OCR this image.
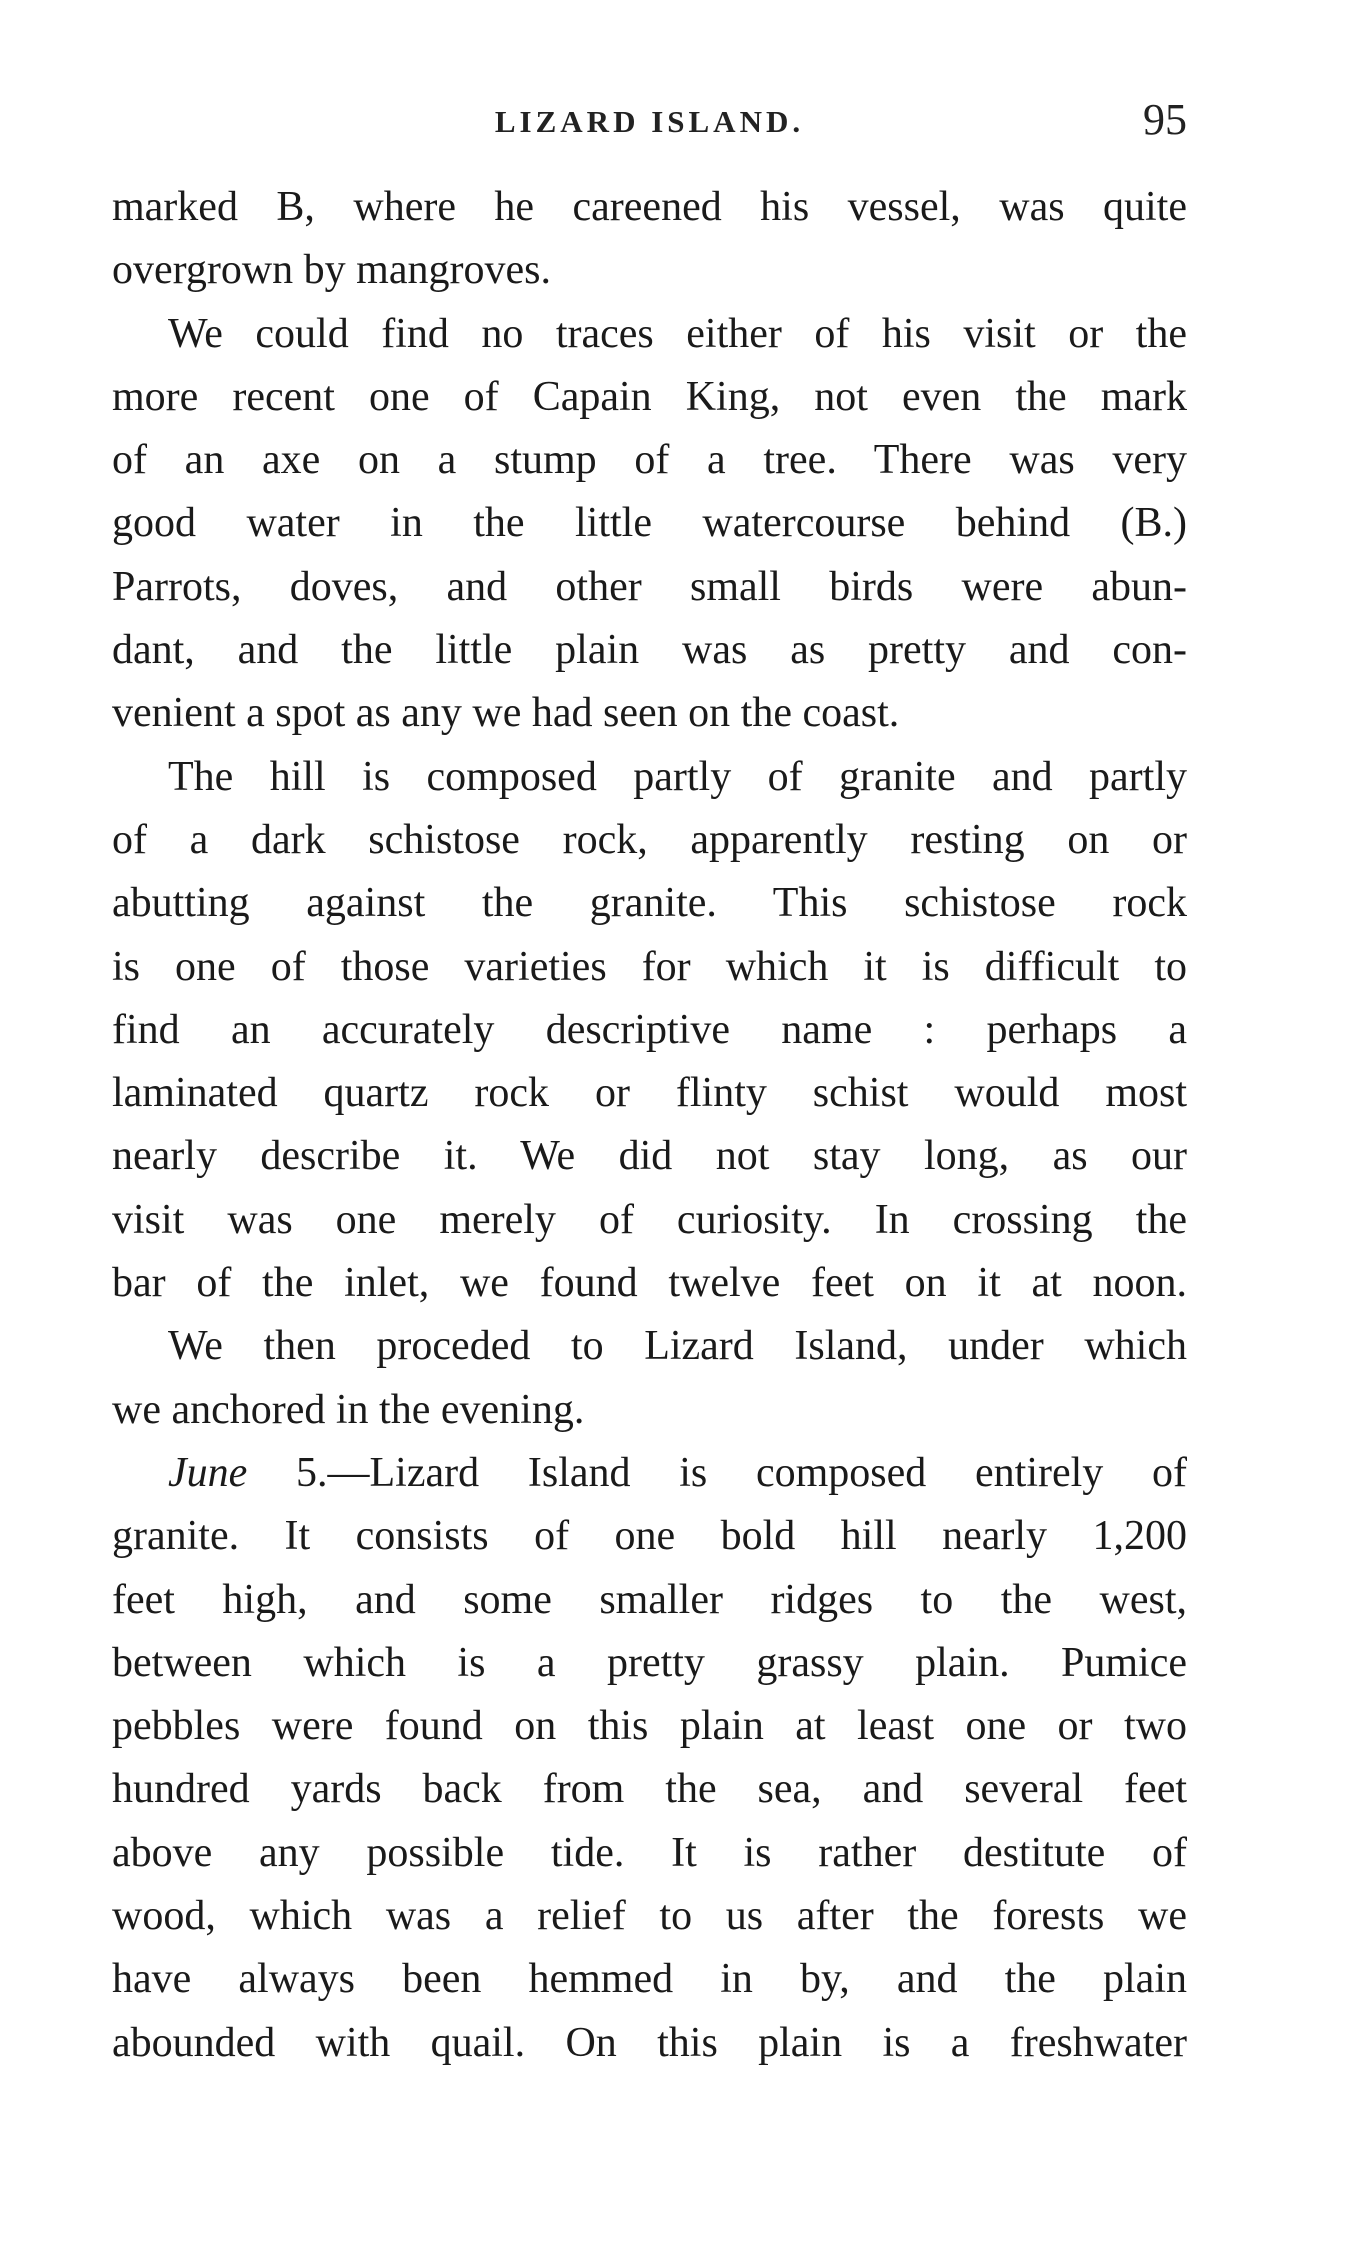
LIZARD ISLAND.	95
marked B, where he careened his vessel, was quite
overgrown by mangroves.
We could find no traces either of his visit or the
more recent one of Capain King, not even the mark
of an axe on a stump of a tree. There was very
good water in the little watercourse behind (B.)
Parrots, doves, and other small birds were abun-
dant, and the little plain was as pretty and con-
venient a spot as any we had seen on the coast.
The hill is composed partly of granite and partly
of a dark schistose rock, apparently resting on or
abutting against the granite. This schistose rock
is one of those varieties for which it is difficult to
find an accurately descriptive name : perhaps a
laminated quartz rock or flinty schist would most
nearly describe it. We did not stay long, as our
visit was one merely of curiosity. In crossing the
bar of the inlet, we found twelve feet on it at noon.
We then proceded to Lizard Island, under which
we anchored in the evening.
June 5.—Lizard Island is composed entirely of
granite. It consists of one bold hill nearly 1,200
feet high, and some smaller ridges to the west,
between which is a pretty grassy plain. Pumice
pebbles were found on this plain at least one or two
hundred yards back from the sea, and several feet
above any possible tide. It is rather destitute of
wood, which was a relief to us after the forests we
have always been hemmed in by, and the plain
abounded with quail. On this plain is a freshwater
